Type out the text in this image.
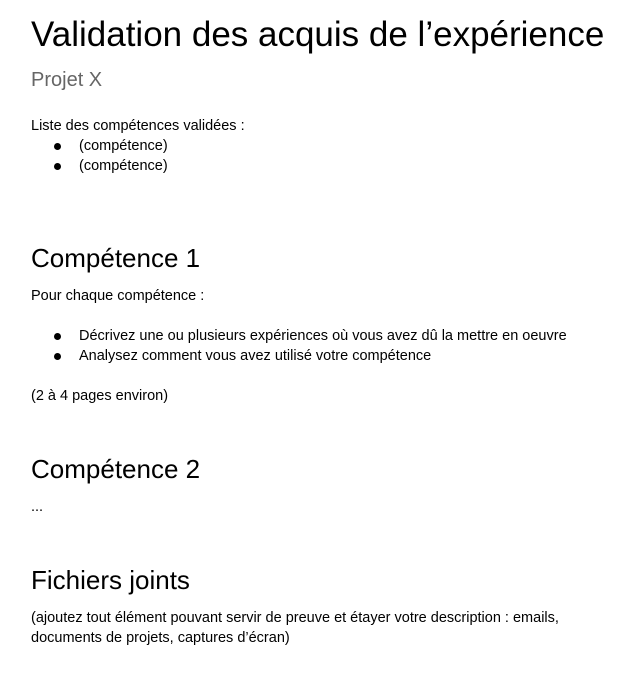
Validation des acquis de l’expérience
Projet X

Liste des compétences validées :

(compétence)
(compétence)
Compétence 1

Pour chaque compétence :

Décrivez une ou plusieurs expériences où vous avez dû la mettre en oeuvre
Analysez comment vous avez utilisé votre compétence

(2 à 4 pages environ)

Compétence 2

...

Fichiers joints

(ajoutez tout élément pouvant servir de preuve et étayer votre description : emails, documents de projets, captures d’écran)
